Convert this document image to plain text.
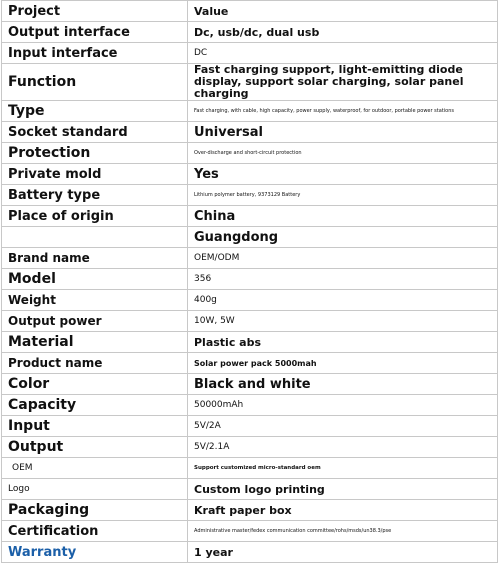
Project	Value
Output interface	Dc, usb/dc, dual usb
Input interface	DC
Function	Fast charging support, light-emitting diode display, support solar charging, solar panel charging
Type	Fast charging, with cable, high capacity, power supply, waterproof, for outdoor, portable power stations
Socket standard	Universal
Protection	Over-discharge and short-circuit protection
Private mold	Yes
Battery type	Lithium polymer battery, 9373129 Battery
Place of origin	China
	Guangdong
Brand name	OEM/ODM
Model	356
Weight	400g
Output power	10W, 5W
Material	Plastic abs
Product name	Solar power pack 5000mah
Color	Black and white
Capacity	50000mAh
Input	5V/2A
Output	5V/2.1A
OEM	Support customized micro-standard oem
Logo	Custom logo printing
Packaging	Kraft paper box
Certification	Administrative master/fedex communication committee/rohs/msds/un38.3/pse
Warranty	1 year
